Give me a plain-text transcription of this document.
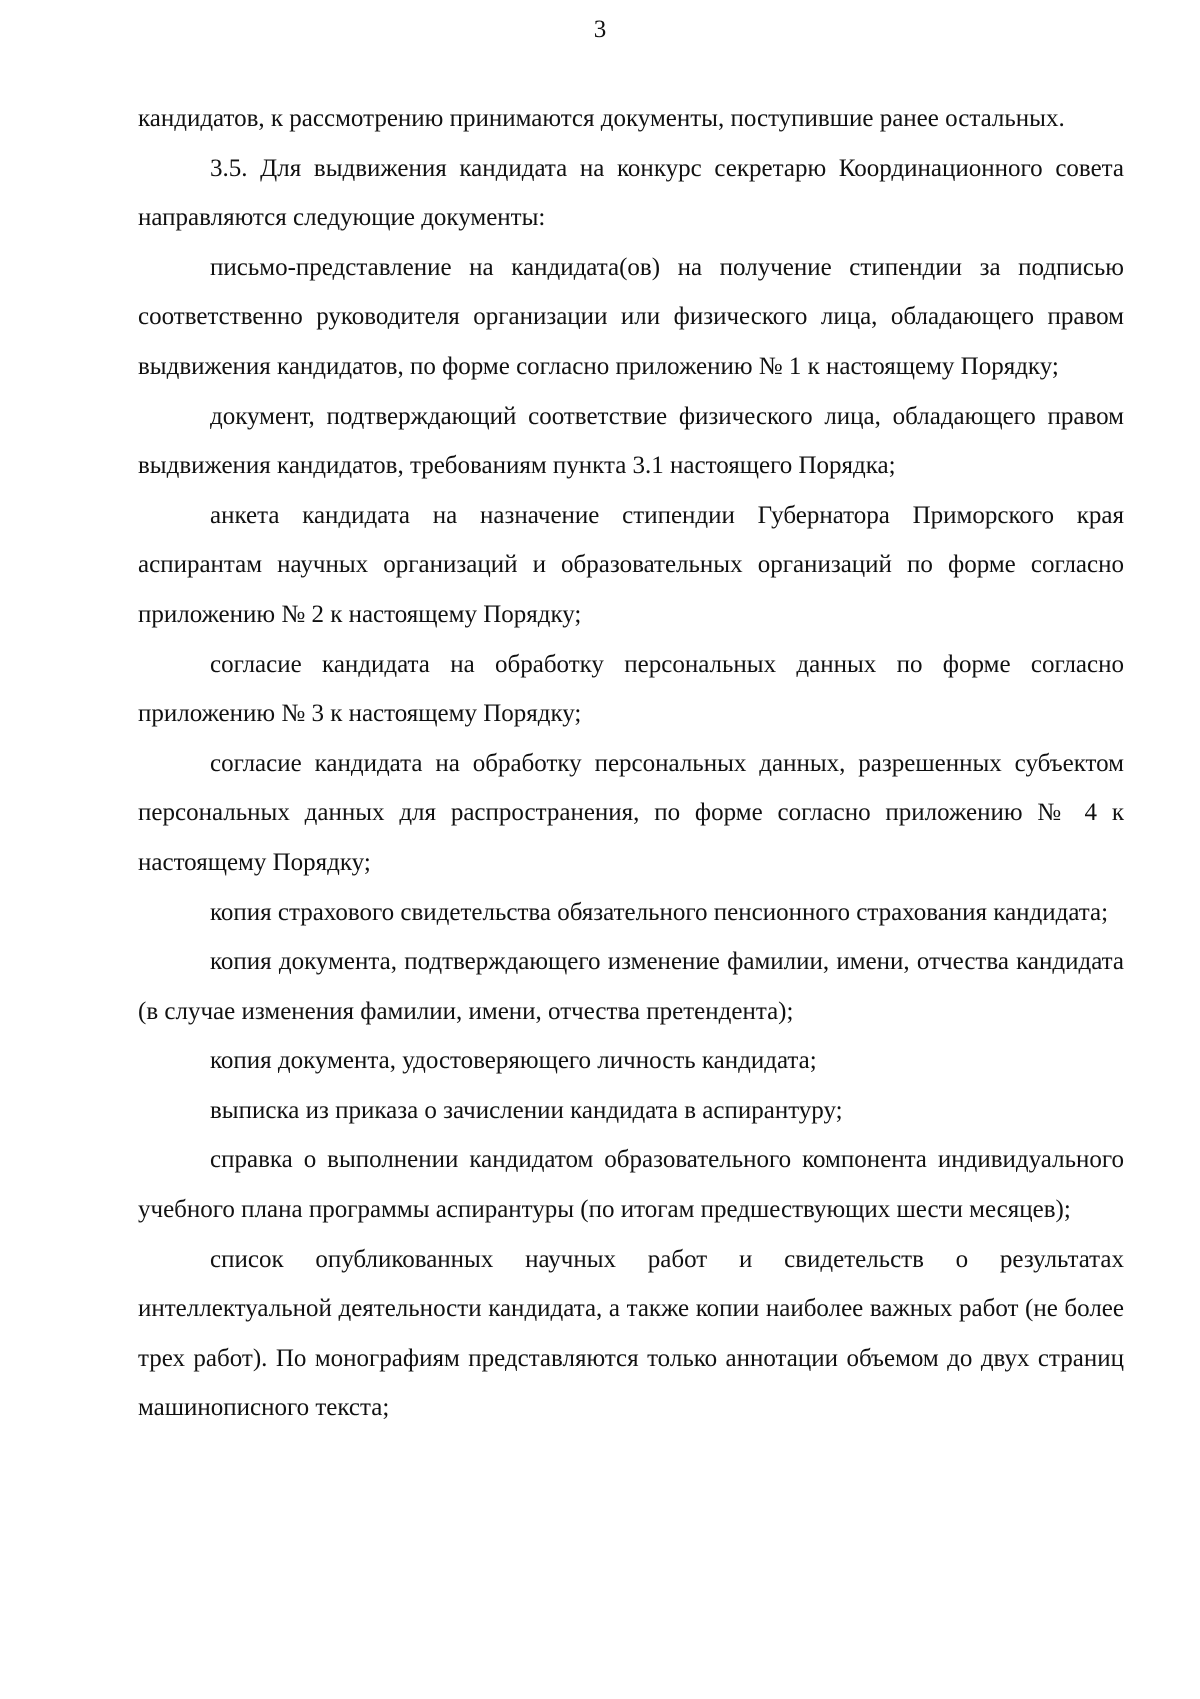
3

кандидатов, к рассмотрению принимаются документы, поступившие ранее остальных.

3.5. Для выдвижения кандидата на конкурс секретарю Координационного совета направляются следующие документы:

письмо-представление на кандидата(ов) на получение стипендии за подписью соответственно руководителя организации или физического лица, обладающего правом выдвижения кандидатов, по форме согласно приложению № 1 к настоящему Порядку;

документ, подтверждающий соответствие физического лица, обладающего правом выдвижения кандидатов, требованиям пункта 3.1 настоящего Порядка;

анкета кандидата на назначение стипендии Губернатора Приморского края аспирантам научных организаций и образовательных организаций по форме согласно приложению № 2 к настоящему Порядку;

согласие кандидата на обработку персональных данных по форме согласно приложению № 3 к настоящему Порядку;

согласие кандидата на обработку персональных данных, разрешенных субъектом персональных данных для распространения, по форме согласно приложению № 4 к настоящему Порядку;

копия страхового свидетельства обязательного пенсионного страхования кандидата;

копия документа, подтверждающего изменение фамилии, имени, отчества кандидата (в случае изменения фамилии, имени, отчества претендента);

копия документа, удостоверяющего личность кандидата;

выписка из приказа о зачислении кандидата в аспирантуру;

справка о выполнении кандидатом образовательного компонента индивидуального учебного плана программы аспирантуры (по итогам предшествующих шести месяцев);

список опубликованных научных работ и свидетельств о результатах интеллектуальной деятельности кандидата, а также копии наиболее важных работ (не более трех работ). По монографиям представляются только аннотации объемом до двух страниц машинописного текста;
